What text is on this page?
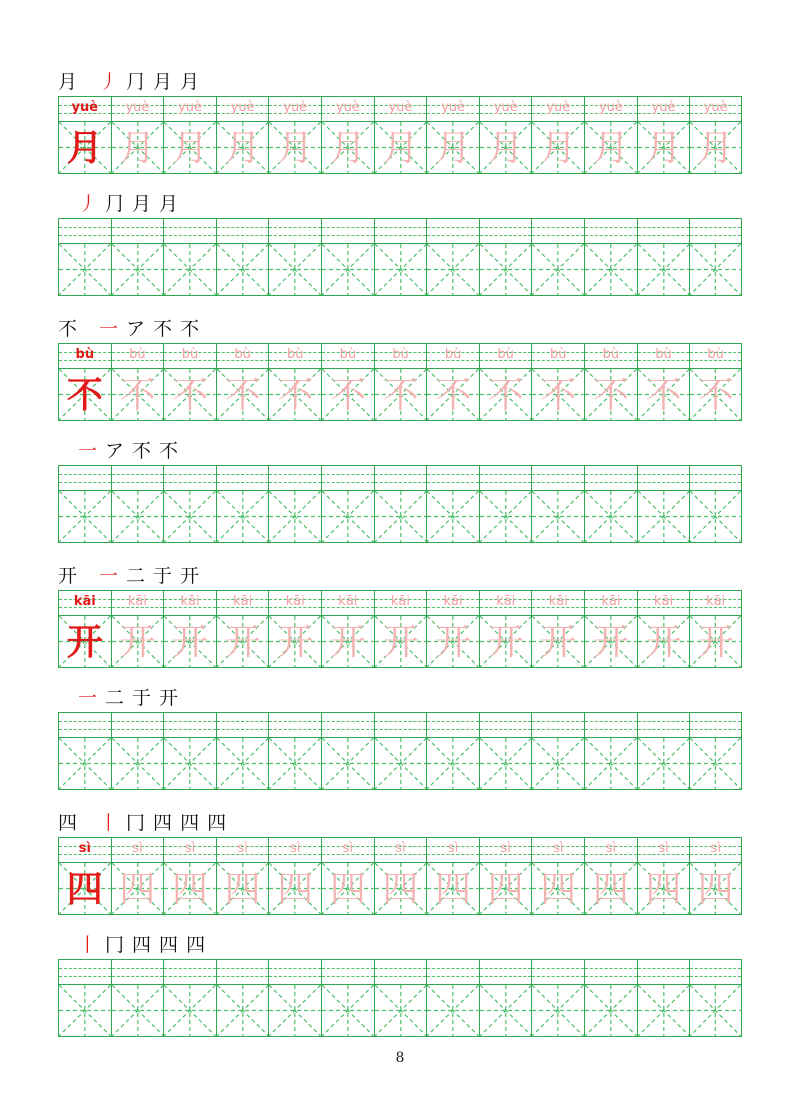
月 丿 ⺆ 月 月
yuè
月
yuè
月
yuè
月
yuè
月
yuè
月
yuè
月
yuè
月
yuè
月
yuè
月
yuè
月
yuè
月
yuè
月
yuè
月
丿 ⺆ 月 月
不 一 ア 不 不
bù
不
bù
不
bù
不
bù
不
bù
不
bù
不
bù
不
bù
不
bù
不
bù
不
bù
不
bù
不
bù
不
一 ア 不 不
开 一 二 于 开
kāi
开
kāi
开
kāi
开
kāi
开
kāi
开
kāi
开
kāi
开
kāi
开
kāi
开
kāi
开
kāi
开
kāi
开
kāi
开
一 二 于 开
四 丨 冂 四 四 四
sì
四
sì
四
sì
四
sì
四
sì
四
sì
四
sì
四
sì
四
sì
四
sì
四
sì
四
sì
四
sì
四
丨 冂 四 四 四
8
